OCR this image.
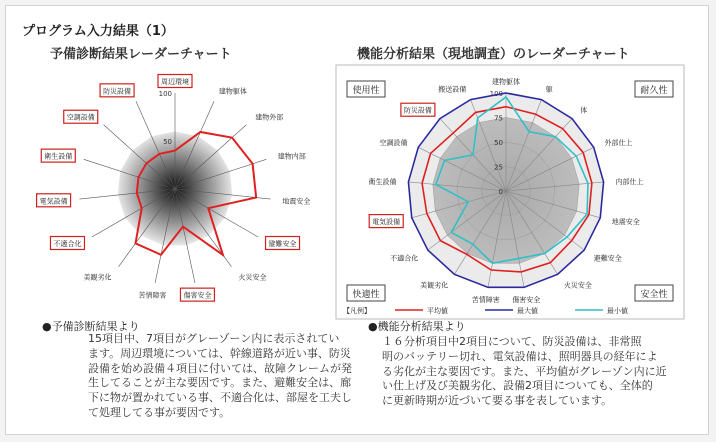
プログラム入力結果（1）
予備診断結果レーダーチャート	機能分析結果（現地調査）のレーダーチャート
0
50
100
周辺環境
建物躯体
建物外部
建物内部
地震安全
避難安全
火災安全
傷害安全
苦情障害
美観劣化
不適合化
電気設備
衛生設備
空調設備
防災設備
0
25
50
75
100
建物躯体
躯
体
外部仕上
内部仕上
地震安全
避難安全
火災安全
傷害安全
苦情障害
美観劣化
不適合化
電気設備
衛生設備
空調設備
防災設備
搬送設備
使用性	耐久性
快適性	安全性
【凡例】	平均値	最大値	最小値
●予備診断結果より
15項目中、7項目がグレーゾーン内に表示されてい
ます。周辺環境については、幹線道路が近い事、防災
設備を始め設備４項目に付いては、故障クレームが発
生してることが主な要因です。また、避難安全は、廊
下に物が置かれている事、不適合化は、部屋を工夫し
て処理してる事が要因です。
●機能分析結果より
１６分析項目中2項目について、防災設備は、非常照
明のバッテリー切れ、電気設備は、照明器具の経年によ
る劣化が主な要因です。また、平均値がグレーゾン内に近
い仕上げ及び美観劣化、設備2項目についても、全体的
に更新時期が近づいて要る事を表しています。
